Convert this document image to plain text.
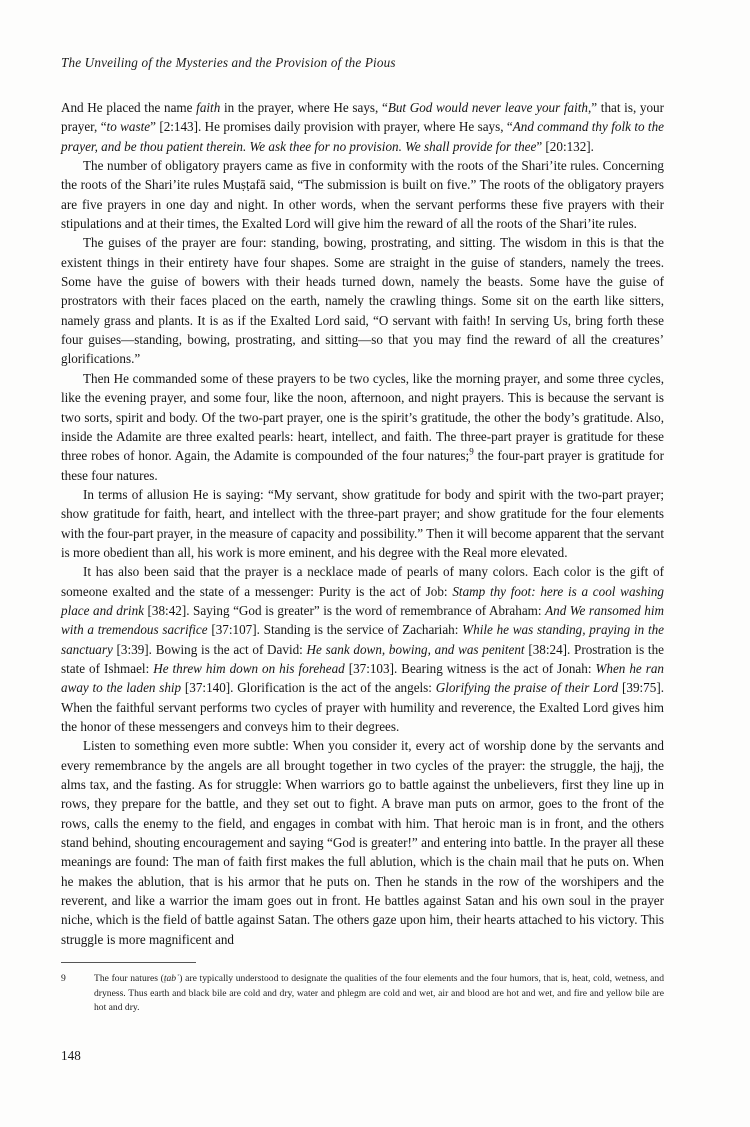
The Unveiling of the Mysteries and the Provision of the Pious

And He placed the name faith in the prayer, where He says, “But God would never leave your faith,” that is, your prayer, “to waste” [2:143]. He promises daily provision with prayer, where He says, “And command thy folk to the prayer, and be thou patient therein. We ask thee for no provision. We shall provide for thee” [20:132].

The number of obligatory prayers came as five in conformity with the roots of the Shari’ite rules. Concerning the roots of the Shari’ite rules Muṣṭafā said, “The submission is built on five.” The roots of the obligatory prayers are five prayers in one day and night. In other words, when the servant performs these five prayers with their stipulations and at their times, the Exalted Lord will give him the reward of all the roots of the Shari’ite rules.

The guises of the prayer are four: standing, bowing, prostrating, and sitting. The wisdom in this is that the existent things in their entirety have four shapes. Some are straight in the guise of standers, namely the trees. Some have the guise of bowers with their heads turned down, namely the beasts. Some have the guise of prostrators with their faces placed on the earth, namely the crawling things. Some sit on the earth like sitters, namely grass and plants. It is as if the Exalted Lord said, “O servant with faith! In serving Us, bring forth these four guises—standing, bowing, prostrating, and sitting—so that you may find the reward of all the creatures’ glorifications.”

Then He commanded some of these prayers to be two cycles, like the morning prayer, and some three cycles, like the evening prayer, and some four, like the noon, afternoon, and night prayers. This is because the servant is two sorts, spirit and body. Of the two-part prayer, one is the spirit’s gratitude, the other the body’s gratitude. Also, inside the Adamite are three exalted pearls: heart, intellect, and faith. The three-part prayer is gratitude for these three robes of honor. Again, the Adamite is compounded of the four natures;$^9$ the four-part prayer is gratitude for these four natures.

In terms of allusion He is saying: “My servant, show gratitude for body and spirit with the two-part prayer; show gratitude for faith, heart, and intellect with the three-part prayer; and show gratitude for the four elements with the four-part prayer, in the measure of capacity and possibility.” Then it will become apparent that the servant is more obedient than all, his work is more eminent, and his degree with the Real more elevated.

It has also been said that the prayer is a necklace made of pearls of many colors. Each color is the gift of someone exalted and the state of a messenger: Purity is the act of Job: Stamp thy foot: here is a cool washing place and drink [38:42]. Saying “God is greater” is the word of remembrance of Abraham: And We ransomed him with a tremendous sacrifice [37:107]. Standing is the service of Zachariah: While he was standing, praying in the sanctuary [3:39]. Bowing is the act of David: He sank down, bowing, and was penitent [38:24]. Prostration is the state of Ishmael: He threw him down on his forehead [37:103]. Bearing witness is the act of Jonah: When he ran away to the laden ship [37:140]. Glorification is the act of the angels: Glorifying the praise of their Lord [39:75]. When the faithful servant performs two cycles of prayer with humility and reverence, the Exalted Lord gives him the honor of these messengers and conveys him to their degrees.

Listen to something even more subtle: When you consider it, every act of worship done by the servants and every remembrance by the angels are all brought together in two cycles of the prayer: the struggle, the hajj, the alms tax, and the fasting. As for struggle: When warriors go to battle against the unbelievers, first they line up in rows, they prepare for the battle, and they set out to fight. A brave man puts on armor, goes to the front of the rows, calls the enemy to the field, and engages in combat with him. That heroic man is in front, and the others stand behind, shouting encouragement and saying “God is greater!” and entering into battle. In the prayer all these meanings are found: The man of faith first makes the full ablution, which is the chain mail that he puts on. When he makes the ablution, that is his armor that he puts on. Then he stands in the row of the worshipers and the reverent, and like a warrior the imam goes out in front. He battles against Satan and his own soul in the prayer niche, which is the field of battle against Satan. The others gaze upon him, their hearts attached to his victory. This struggle is more magnificent and

9	The four natures (ṭabʿ) are typically understood to designate the qualities of the four elements and the four humors, that is, heat, cold, wetness, and dryness. Thus earth and black bile are cold and dry, water and phlegm are cold and wet, air and blood are hot and wet, and fire and yellow bile are hot and dry.
148
